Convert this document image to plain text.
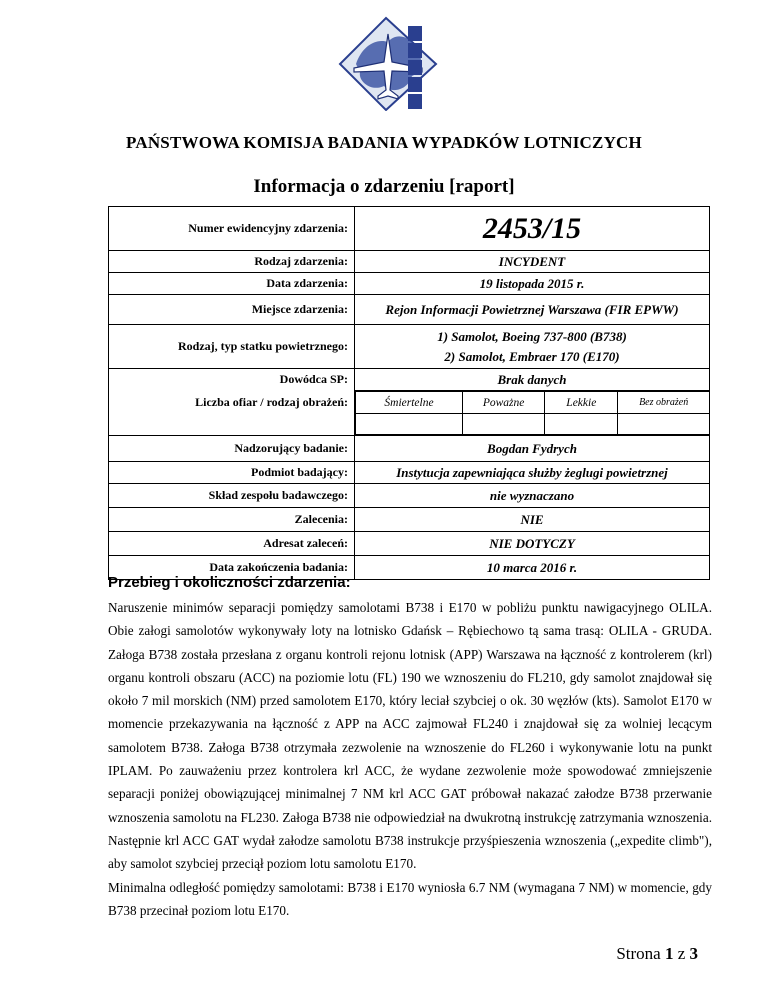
PAŃSTWOWA KOMISJA BADANIA WYPADKÓW LOTNICZYCH
Informacja o zdarzeniu [raport]
Numer ewidencyjny zdarzenia:	2453/15
Rodzaj zdarzenia:	INCYDENT
Data zdarzenia:	19 listopada 2015 r.
Miejsce zdarzenia:	Rejon Informacji Powietrznej Warszawa (FIR EPWW)
Rodzaj, typ statku powietrznego:	
1) Samolot, Boeing 737-800 (B738)
2) Samolot, Embraer 170 (E170)

Dowódca SP:	Brak danych
Liczba ofiar / rodzaj obrażeń:		Śmiertelne	Poważne	Lekkie	Bez obrażeń

Nadzorujący badanie:	Bogdan Fydrych
Podmiot badający:	Instytucja zapewniająca służby żeglugi powietrznej
Skład zespołu badawczego:	nie wyznaczano
Zalecenia:	NIE
Adresat zaleceń:	NIE DOTYCZY
Data zakończenia badania:	10 marca 2016 r.
Przebieg i okoliczności zdarzenia:

Naruszenie minimów separacji pomiędzy samolotami B738 i E170 w pobliżu punktu nawigacyjnego OLILA. Obie załogi samolotów wykonywały loty na lotnisko Gdańsk – Rębiechowo tą sama trasą: OLILA - GRUDA. Załoga B738 została przesłana z organu kontroli rejonu lotnisk (APP) Warszawa na łączność z kontrolerem (krl) organu kontroli obszaru (ACC) na poziomie lotu (FL) 190 we wznoszeniu do FL210, gdy samolot znajdował się około 7 mil morskich (NM) przed samolotem E170, który leciał szybciej o ok. 30 węzłów (kts). Samolot E170 w momencie przekazywania na łączność z APP na ACC zajmował FL240 i znajdował się za wolniej lecącym samolotem B738. Załoga B738 otrzymała zezwolenie na wznoszenie do FL260 i wykonywanie lotu na punkt IPLAM. Po zauważeniu przez kontrolera krl ACC, że wydane zezwolenie może spowodować zmniejszenie separacji poniżej obowiązującej minimalnej 7 NM krl ACC GAT próbował nakazać załodze B738 przerwanie wznoszenia samolotu na FL230. Załoga B738 nie odpowiedział na dwukrotną instrukcję zatrzymania wznoszenia. Następnie krl ACC GAT wydał załodze samolotu B738 instrukcje przyśpieszenia wznoszenia („expedite climb"), aby samolot szybciej przeciął poziom lotu samolotu E170.

Minimalna odległość pomiędzy samolotami: B738 i E170 wyniosła 6.7 NM (wymagana 7 NM) w momencie, gdy B738 przecinał poziom lotu E170.

Strona 1 z 3
